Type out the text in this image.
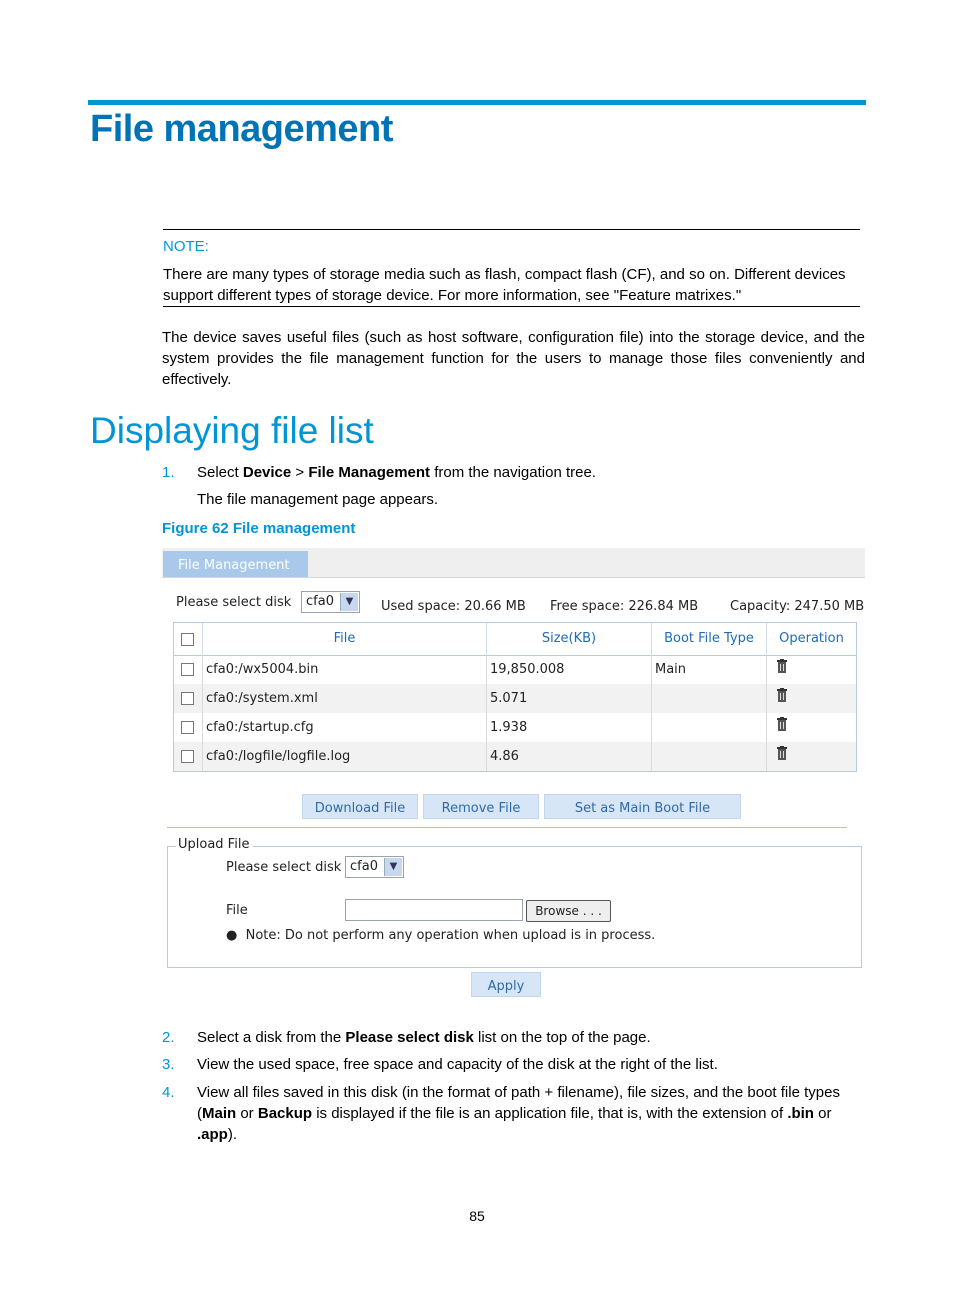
File management
NOTE:
There are many types of storage media such as flash, compact flash (CF), and so on. Different devices support different types of storage device. For more information, see "Feature matrixes."
The device saves useful files (such as host software, configuration file) into the storage device, and the system provides the file management function for the users to manage those files conveniently and effectively.
Displaying file list
1. Select Device > File Management from the navigation tree.
The file management page appears.
Figure 62 File management
File Management
Please select disk cfa0	▼	Used space: 20.66 MB Free space: 226.84 MB Capacity: 247.50 MB
File	Size(KB)	Boot File Type	Operation
cfa0:/wx5004.bin	19,850.008	Main
cfa0:/system.xml	5.071
cfa0:/startup.cfg	1.938
cfa0:/logfile/logfile.log	4.86
Download File	Remove File	Set as Main Boot File
Upload File
Please select disk cfa0	▼
File	Browse . . .
●  Note: Do not perform any operation when upload is in process.
Apply
2. Select a disk from the Please select disk list on the top of the page.
3. View the used space, free space and capacity of the disk at the right of the list.
4. View all files saved in this disk (in the format of path + filename), file sizes, and the boot file types (Main or Backup is displayed if the file is an application file, that is, with the extension of .bin or .app).
85
